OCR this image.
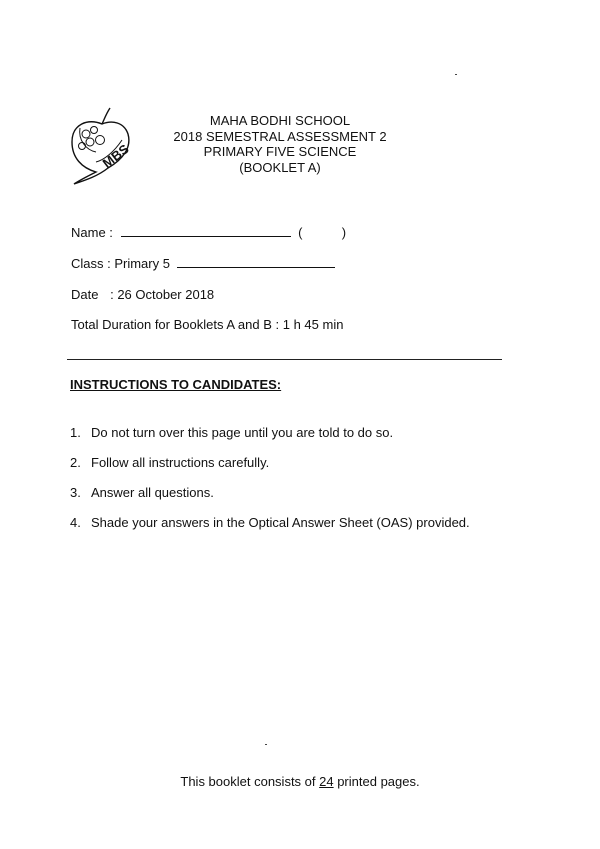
MBS
MAHA BODHI SCHOOL
2018 SEMESTRAL ASSESSMENT 2
PRIMARY FIVE SCIENCE
(BOOKLET A)
Name :	(	)
Class : Primary 5
Date : 26 October 2018
Total Duration for Booklets A and B : 1 h 45 min
INSTRUCTIONS TO CANDIDATES:
1. Do not turn over this page until you are told to do so.
2. Follow all instructions carefully.
3. Answer all questions.
4. Shade your answers in the Optical Answer Sheet (OAS) provided.
This booklet consists of 24 printed pages.
